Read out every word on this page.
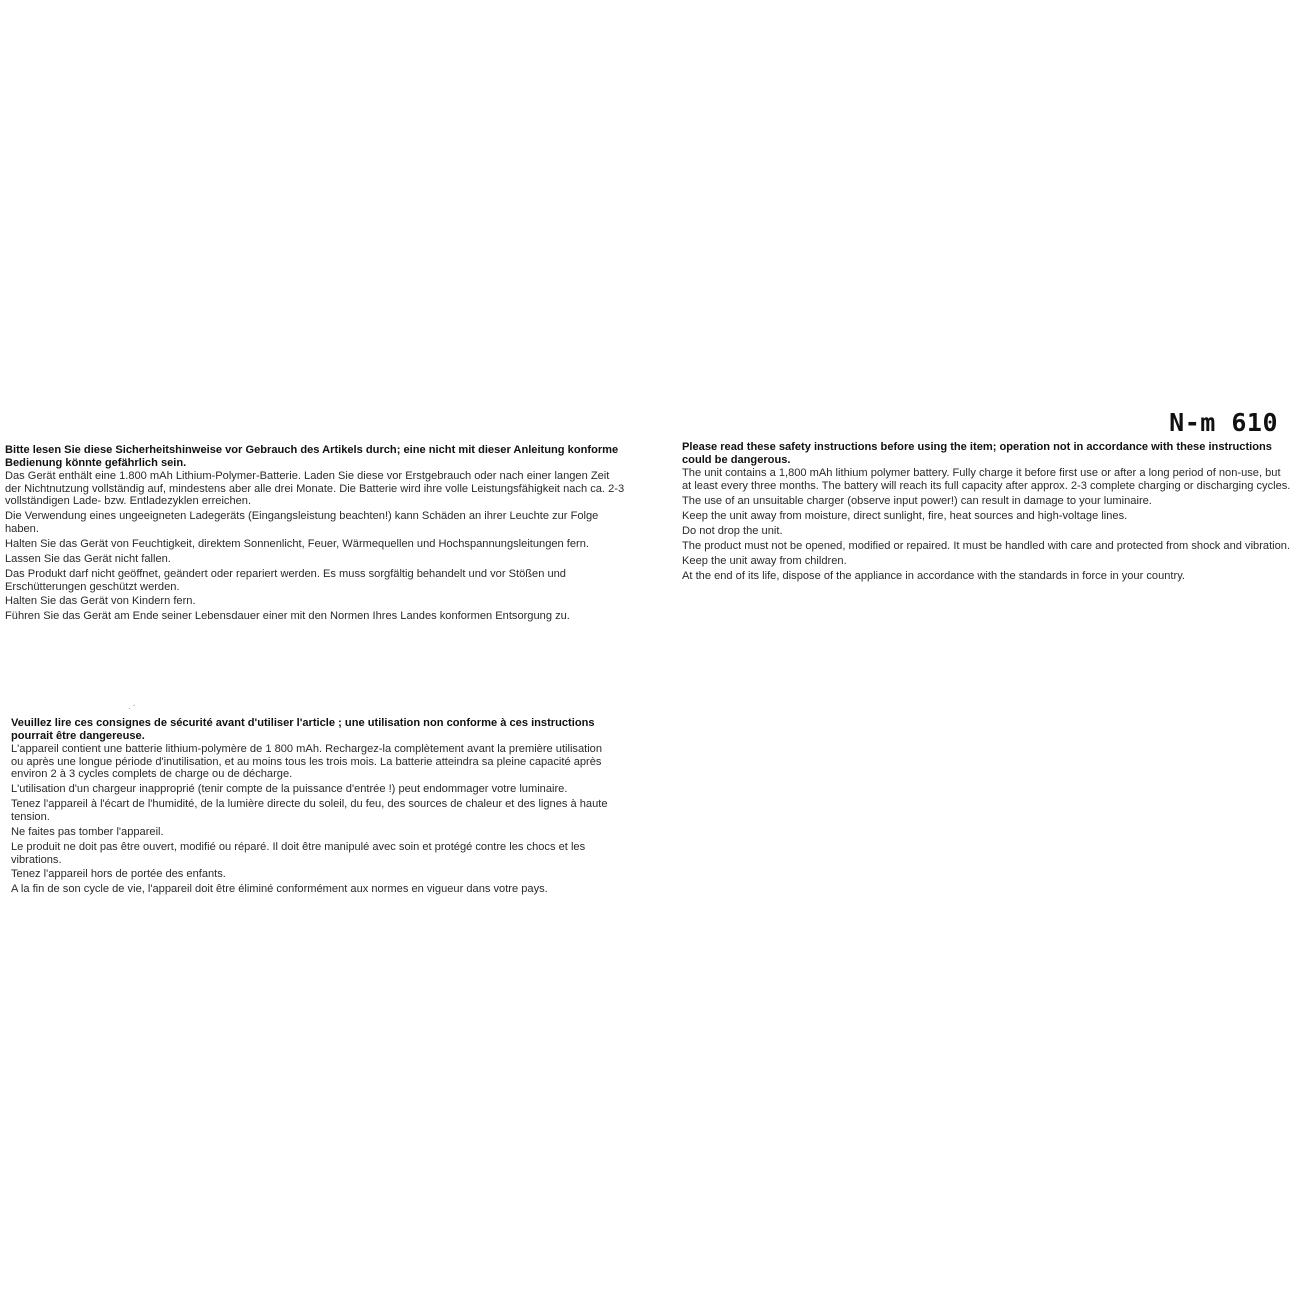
N-m 610

Bitte lesen Sie diese Sicherheitshinweise vor Gebrauch des Artikels durch; eine nicht mit dieser Anleitung konforme Bedienung könnte gefährlich sein.

Das Gerät enthält eine 1.800 mAh Lithium-Polymer-Batterie. Laden Sie diese vor Erstgebrauch oder nach einer langen Zeit der Nichtnutzung vollständig auf, mindestens aber alle drei Monate. Die Batterie wird ihre volle Leistungsfähigkeit nach ca. 2-3 vollständigen Lade- bzw. Entladezyklen erreichen.

Die Verwendung eines ungeeigneten Ladegeräts (Eingangsleistung beachten!) kann Schäden an ihrer Leuchte zur Folge haben.

Halten Sie das Gerät von Feuchtigkeit, direktem Sonnenlicht, Feuer, Wärmequellen und Hochspannungsleitungen fern.

Lassen Sie das Gerät nicht fallen.

Das Produkt darf nicht geöffnet, geändert oder repariert werden. Es muss sorgfältig behandelt und vor Stößen und Erschütterungen geschützt werden.

Halten Sie das Gerät von Kindern fern.

Führen Sie das Gerät am Ende seiner Lebensdauer einer mit den Normen Ihres Landes konformen Entsorgung zu.

Please read these safety instructions before using the item; operation not in accordance with these instructions could be dangerous.

The unit contains a 1,800 mAh lithium polymer battery. Fully charge it before first use or after a long period of non-use, but at least every three months. The battery will reach its full capacity after approx. 2-3 complete charging or discharging cycles.

The use of an unsuitable charger (observe input power!) can result in damage to your luminaire.

Keep the unit away from moisture, direct sunlight, fire, heat sources and high-voltage lines.

Do not drop the unit.

The product must not be opened, modified or repaired. It must be handled with care and protected from shock and vibration.

Keep the unit away from children.

At the end of its life, dispose of the appliance in accordance with the standards in force in your country.

· ´

Veuillez lire ces consignes de sécurité avant d'utiliser l'article ; une utilisation non conforme à ces instructions pourrait être dangereuse.

L'appareil contient une batterie lithium-polymère de 1 800 mAh. Rechargez-la complètement avant la première utilisation ou après une longue période d'inutilisation, et au moins tous les trois mois. La batterie atteindra sa pleine capacité après environ 2 à 3 cycles complets de charge ou de décharge.

L'utilisation d'un chargeur inapproprié (tenir compte de la puissance d'entrée !) peut endommager votre luminaire.

Tenez l'appareil à l'écart de l'humidité, de la lumière directe du soleil, du feu, des sources de chaleur et des lignes à haute tension.

Ne faites pas tomber l'appareil.

Le produit ne doit pas être ouvert, modifié ou réparé. Il doit être manipulé avec soin et protégé contre les chocs et les vibrations.

Tenez l'appareil hors de portée des enfants.

A la fin de son cycle de vie, l'appareil doit être éliminé conformément aux normes en vigueur dans votre pays.
